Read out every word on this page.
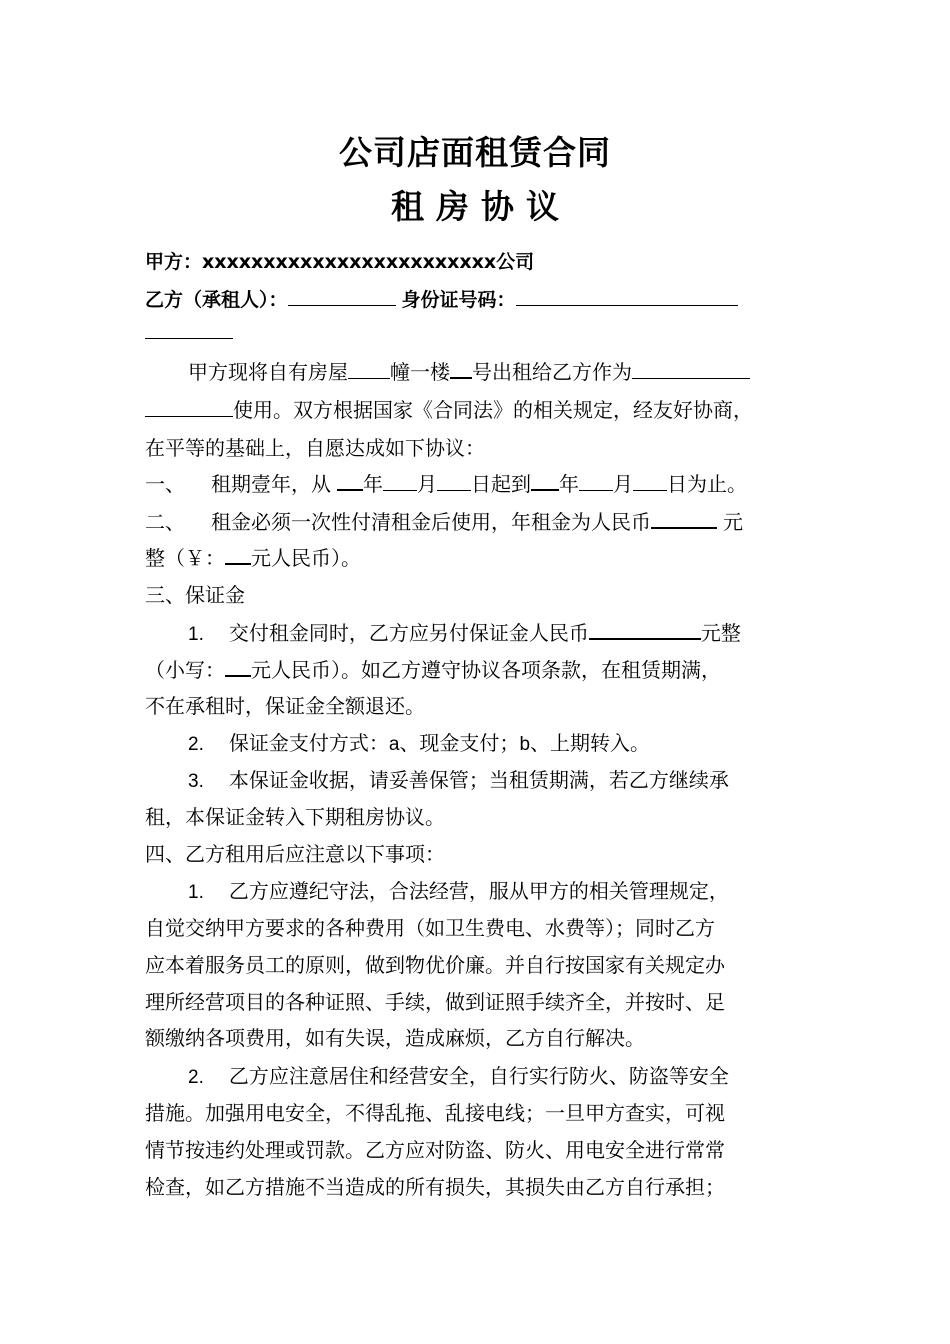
公司店面租赁合同
租房协议
甲方：xxxxxxxxxxxxxxxxxxxxxxxx公司
乙方（承租人）：	身份证号码：
甲方现将自有房屋 幢一楼 号出租给乙方作为
使用。双方根据国家《合同法》的相关规定，经友好协商，
在平等的基础上，自愿达成如下协议：
一、 租期壹年，从 年 月 日起到 年 月 日为止。
二、 租金必须一次性付清租金后使用，年租金为人民币	元
整（￥： 元人民币）。
三、保证金
1. 交付租金同时，乙方应另付保证金人民币	元整
（小写： 元人民币）。如乙方遵守协议各项条款，在租赁期满，
不在承租时，保证金全额退还。
2. 保证金支付方式：a、现金支付；b、上期转入。
3. 本保证金收据，请妥善保管；当租赁期满，若乙方继续承
租，本保证金转入下期租房协议。
四、乙方租用后应注意以下事项：
1. 乙方应遵纪守法，合法经营，服从甲方的相关管理规定，
自觉交纳甲方要求的各种费用（如卫生费电、水费等）；同时乙方
应本着服务员工的原则，做到物优价廉。并自行按国家有关规定办
理所经营项目的各种证照、手续，做到证照手续齐全，并按时、足
额缴纳各项费用，如有失误，造成麻烦，乙方自行解决。
2. 乙方应注意居住和经营安全，自行实行防火、防盗等安全
措施。加强用电安全，不得乱拖、乱接电线；一旦甲方查实，可视
情节按违约处理或罚款。乙方应对防盗、防火、用电安全进行常常
检查，如乙方措施不当造成的所有损失，其损失由乙方自行承担；
